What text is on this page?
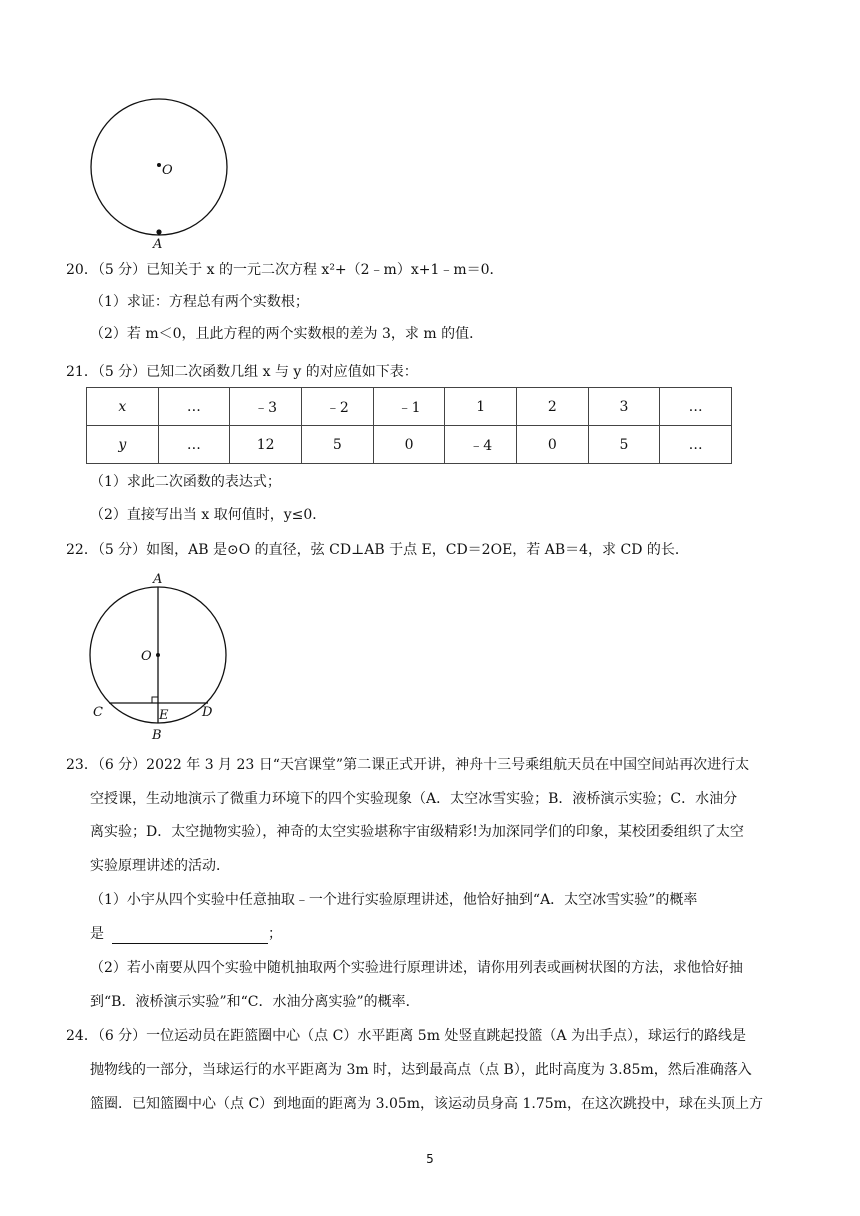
O
A
20．（5 分）已知关于 x 的一元二次方程 x²+（2﹣m）x+1﹣m＝0．
（1）求证：方程总有两个实数根；
（2）若 m＜0，且此方程的两个实数根的差为 3，求 m 的值．
21．（5 分）已知二次函数几组 x 与 y 的对应值如下表：
x	…	﹣3	﹣2	﹣1	1	2	3	…
y	…	12	5	0	﹣4	0	5	…
（1）求此二次函数的表达式；
（2）直接写出当 x 取何值时，y≤0．
22．（5 分）如图，AB 是⊙O 的直径，弦 CD⊥AB 于点 E，CD＝2OE，若 AB＝4，求 CD 的长．
A
O
C	E	D
B
23．（6 分）2022 年 3 月 23 日“天宫课堂”第二课正式开讲，神舟十三号乘组航天员在中国空间站再次进行太
空授课，生动地演示了微重力环境下的四个实验现象（A．太空冰雪实验；B．液桥演示实验；C．水油分
离实验；D．太空抛物实验），神奇的太空实验堪称宇宙级精彩!为加深同学们的印象，某校团委组织了太空
实验原理讲述的活动．
（1）小宇从四个实验中任意抽取﹣一个进行实验原理讲述，他恰好抽到“A．太空冰雪实验”的概率
是	；
（2）若小南要从四个实验中随机抽取两个实验进行原理讲述，请你用列表或画树状图的方法，求他恰好抽
到“B．液桥演示实验”和“C．水油分离实验”的概率．
24．（6 分）一位运动员在距篮圈中心（点 C）水平距离 5m 处竖直跳起投篮（A 为出手点），球运行的路线是
抛物线的一部分，当球运行的水平距离为 3m 时，达到最高点（点 B），此时高度为 3.85m，然后准确落入
篮圈．已知篮圈中心（点 C）到地面的距离为 3.05m，该运动员身高 1.75m，在这次跳投中，球在头顶上方
5
